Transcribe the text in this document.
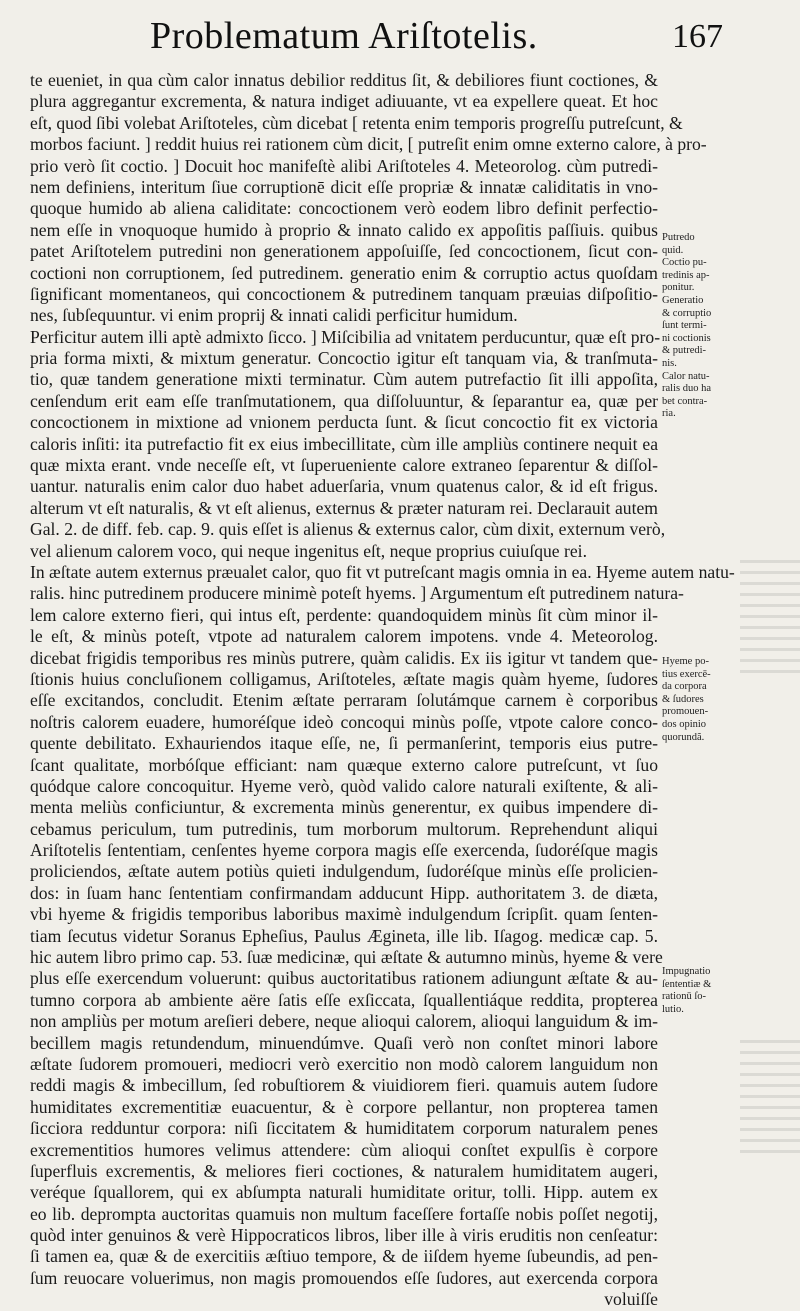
Problematum Ariſtotelis.	167
te eueniet, in qua cùm calor innatus debilior redditus ſit, & debiliores fiunt coctiones, &
plura aggregantur excrementa, & natura indiget adiuuante, vt ea expellere queat. Et hoc
eſt, quod ſibi volebat Ariſtoteles, cùm dicebat [ retenta enim temporis progreſſu putreſcunt, &
morbos faciunt. ] reddit huius rei rationem cùm dicit, [ putreſit enim omne externo calore, à pro-
prio verò ſit coctio. ] Docuit hoc manifeſtè alibi Ariſtoteles 4. Meteorolog. cùm putredi-
nem definiens, interitum ſiue corruptionē dicit eſſe propriæ & innatæ caliditatis in vno-
quoque humido ab aliena caliditate: concoctionem verò eodem libro definit perfectio-
nem eſſe in vnoquoque humido à proprio & innato calido ex appoſitis paſſiuis. quibus
patet Ariſtotelem putredini non generationem appoſuiſſe, ſed concoctionem, ſicut con-
coctioni non corruptionem, ſed putredinem. generatio enim & corruptio actus quoſdam
ſignificant momentaneos, qui concoctionem & putredinem tanquam præuias diſpoſitio-
nes, ſubſequuntur. vi enim proprij & innati calidi perficitur humidum.
Perficitur autem illi aptè admixto ſicco. ] Miſcibilia ad vnitatem perducuntur, quæ eſt pro-
pria forma mixti, & mixtum generatur. Concoctio igitur eſt tanquam via, & tranſmuta-
tio, quæ tandem generatione mixti terminatur. Cùm autem putrefactio ſit illi appoſita,
cenſendum erit eam eſſe tranſmutationem, qua diſſoluuntur, & ſeparantur ea, quæ per
concoctionem in mixtione ad vnionem perducta ſunt. & ſicut concoctio fit ex victoria
caloris inſiti: ita putrefactio fit ex eius imbecillitate, cùm ille ampliùs continere nequit ea
quæ mixta erant. vnde neceſſe eſt, vt ſuperueniente calore extraneo ſeparentur & diſſol-
uantur. naturalis enim calor duo habet aduerſaria, vnum quatenus calor, & id eſt frigus.
alterum vt eſt naturalis, & vt eſt alienus, externus & præter naturam rei. Declarauit autem
Gal. 2. de diff. feb. cap. 9. quis eſſet is alienus & externus calor, cùm dixit, externum verò,
vel alienum calorem voco, qui neque ingenitus eſt, neque proprius cuiuſque rei.
In æſtate autem externus præualet calor, quo fit vt putreſcant magis omnia in ea. Hyeme autem natu-
ralis. hinc putredinem producere minimè poteſt hyems. ] Argumentum eſt putredinem natura-
lem calore externo fieri, qui intus eſt, perdente: quandoquidem minùs ſit cùm minor il-
le eſt, & minùs poteſt, vtpote ad naturalem calorem impotens. vnde 4. Meteorolog.
dicebat frigidis temporibus res minùs putrere, quàm calidis. Ex iis igitur vt tandem que-
ſtionis huius concluſionem colligamus, Ariſtoteles, æſtate magis quàm hyeme, ſudores
eſſe excitandos, concludit. Etenim æſtate perraram ſolutámque carnem è corporibus
noſtris calorem euadere, humoréſque ideò concoqui minùs poſſe, vtpote calore conco-
quente debilitato. Exhauriendos itaque eſſe, ne, ſi permanſerint, temporis eius putre-
ſcant qualitate, morbóſque efficiant: nam quæque externo calore putreſcunt, vt ſuo
quódque calore concoquitur. Hyeme verò, quòd valido calore naturali exiſtente, & ali-
menta meliùs conficiuntur, & excrementa minùs generentur, ex quibus impendere di-
cebamus periculum, tum putredinis, tum morborum multorum. Reprehendunt aliqui
Ariſtotelis ſententiam, cenſentes hyeme corpora magis eſſe exercenda, ſudoréſque magis
proliciendos, æſtate autem potiùs quieti indulgendum, ſudoréſque minùs eſſe prolicien-
dos: in ſuam hanc ſententiam confirmandam adducunt Hipp. authoritatem 3. de diæta,
vbi hyeme & frigidis temporibus laboribus maximè indulgendum ſcripſit. quam ſenten-
tiam ſecutus videtur Soranus Epheſius, Paulus Ægineta, ille lib. Iſagog. medicæ cap. 5.
hic autem libro primo cap. 53. ſuæ medicinæ, qui æſtate & autumno minùs, hyeme & vere
plus eſſe exercendum voluerunt: quibus auctoritatibus rationem adiungunt æſtate & au-
tumno corpora ab ambiente aëre ſatis eſſe exſiccata, ſquallentiáque reddita, propterea
non ampliùs per motum areſieri debere, neque alioqui calorem, alioqui languidum & im-
becillem magis retundendum, minuendúmve. Quaſi verò non conſtet minori labore
æſtate ſudorem promoueri, mediocri verò exercitio non modò calorem languidum non
reddi magis & imbecillum, ſed robuſtiorem & viuidiorem fieri. quamuis autem ſudore
humiditates excrementitiæ euacuentur, & è corpore pellantur, non propterea tamen
ſicciora redduntur corpora: niſi ſiccitatem & humiditatem corporum naturalem penes
excrementitios humores velimus attendere: cùm alioqui conſtet expulſis è corpore
ſuperfluis excrementis, & meliores fieri coctiones, & naturalem humiditatem augeri,
veréque ſquallorem, qui ex abſumpta naturali humiditate oritur, tolli. Hipp. autem ex
eo lib. deprompta auctoritas quamuis non multum faceſſere fortaſſe nobis poſſet negotij,
quòd inter genuinos & verè Hippocraticos libros, liber ille à viris eruditis non cenſeatur:
ſi tamen ea, quæ & de exercitiis æſtiuo tempore, & de iiſdem hyeme ſubeundis, ad pen-
ſum reuocare voluerimus, non magis promouendos eſſe ſudores, aut exercenda corpora
voluiſſe
Putredo
quid.
Coctio pu-
tredinis ap-
ponitur.
Generatio
& corruptio
ſunt termi-
ni coctionis
& putredi-
nis.
Calor natu-
ralis duo ha
bet contra-
ria.
Hyeme po-
tius exercē-
da corpora
& ſudores
promouen-
dos opinio
quorundã.
Impugnatio
ſententiæ &
rationū ſo-
lutio.
